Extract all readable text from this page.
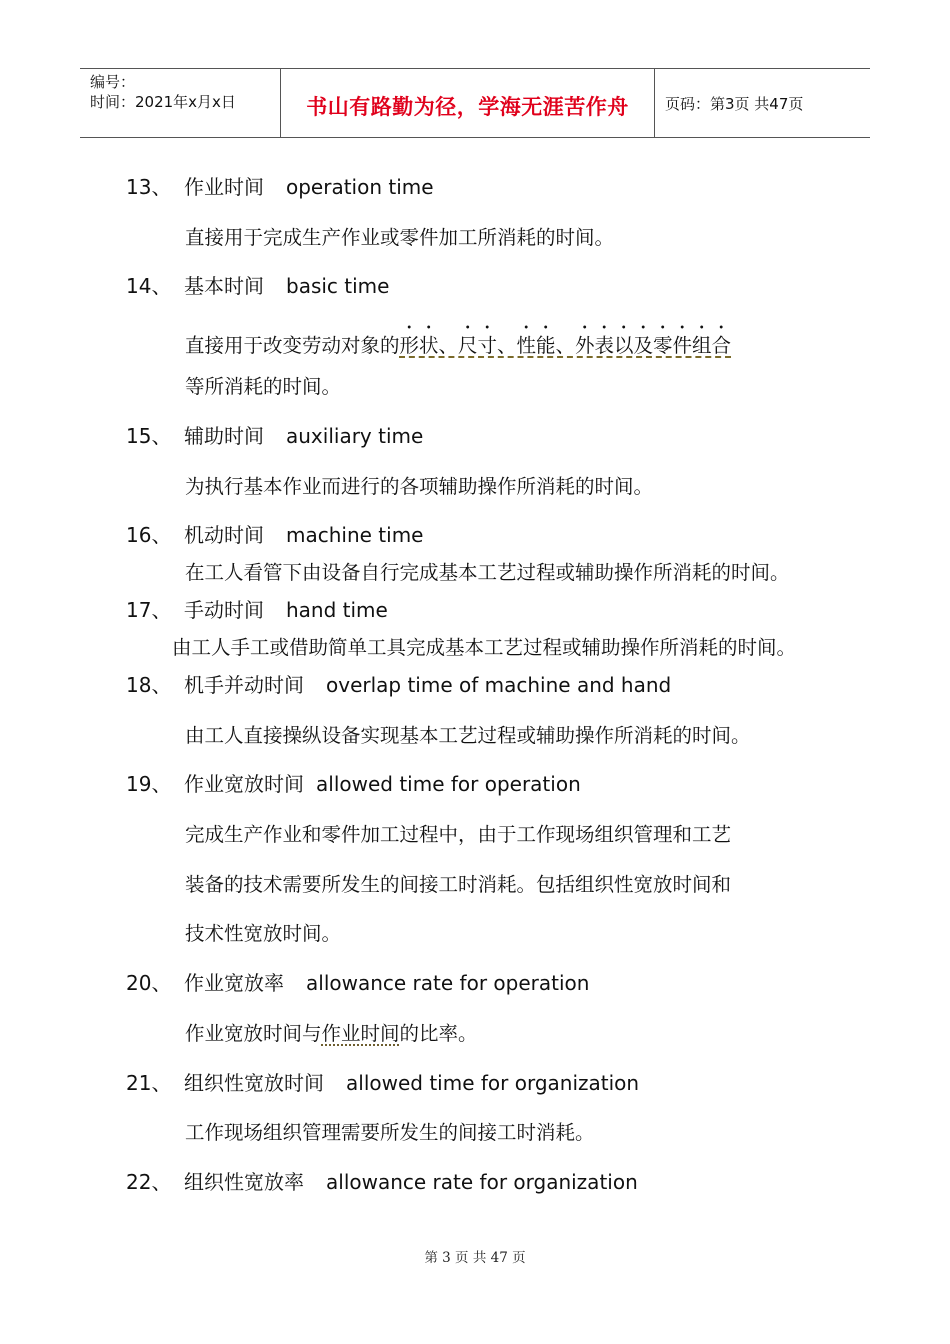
编号：
时间：2021年x月x日	书山有路勤为径，学海无涯苦作舟	页码：第3页 共47页
13、 作业时间 operation time
直接用于完成生产作业或零件加工所消耗的时间。
14、 基本时间 basic time
直接用于改变劳动对象的形状、尺寸、性能、外表以及零件组合
等所消耗的时间。
15、 辅助时间 auxiliary time
为执行基本作业而进行的各项辅助操作所消耗的时间。
16、 机动时间 machine time
在工人看管下由设备自行完成基本工艺过程或辅助操作所消耗的时间。
17、 手动时间 hand time
由工人手工或借助简单工具完成基本工艺过程或辅助操作所消耗的时间。
18、 机手并动时间 overlap time of machine and hand
由工人直接操纵设备实现基本工艺过程或辅助操作所消耗的时间。
19、 作业宽放时间 allowed time for operation
完成生产作业和零件加工过程中，由于工作现场组织管理和工艺
装备的技术需要所发生的间接工时消耗。包括组织性宽放时间和
技术性宽放时间。
20、 作业宽放率 allowance rate for operation
作业宽放时间与作业时间的比率。
21、 组织性宽放时间 allowed time for organization
工作现场组织管理需要所发生的间接工时消耗。
22、 组织性宽放率 allowance rate for organization
第 3 页 共 47 页
